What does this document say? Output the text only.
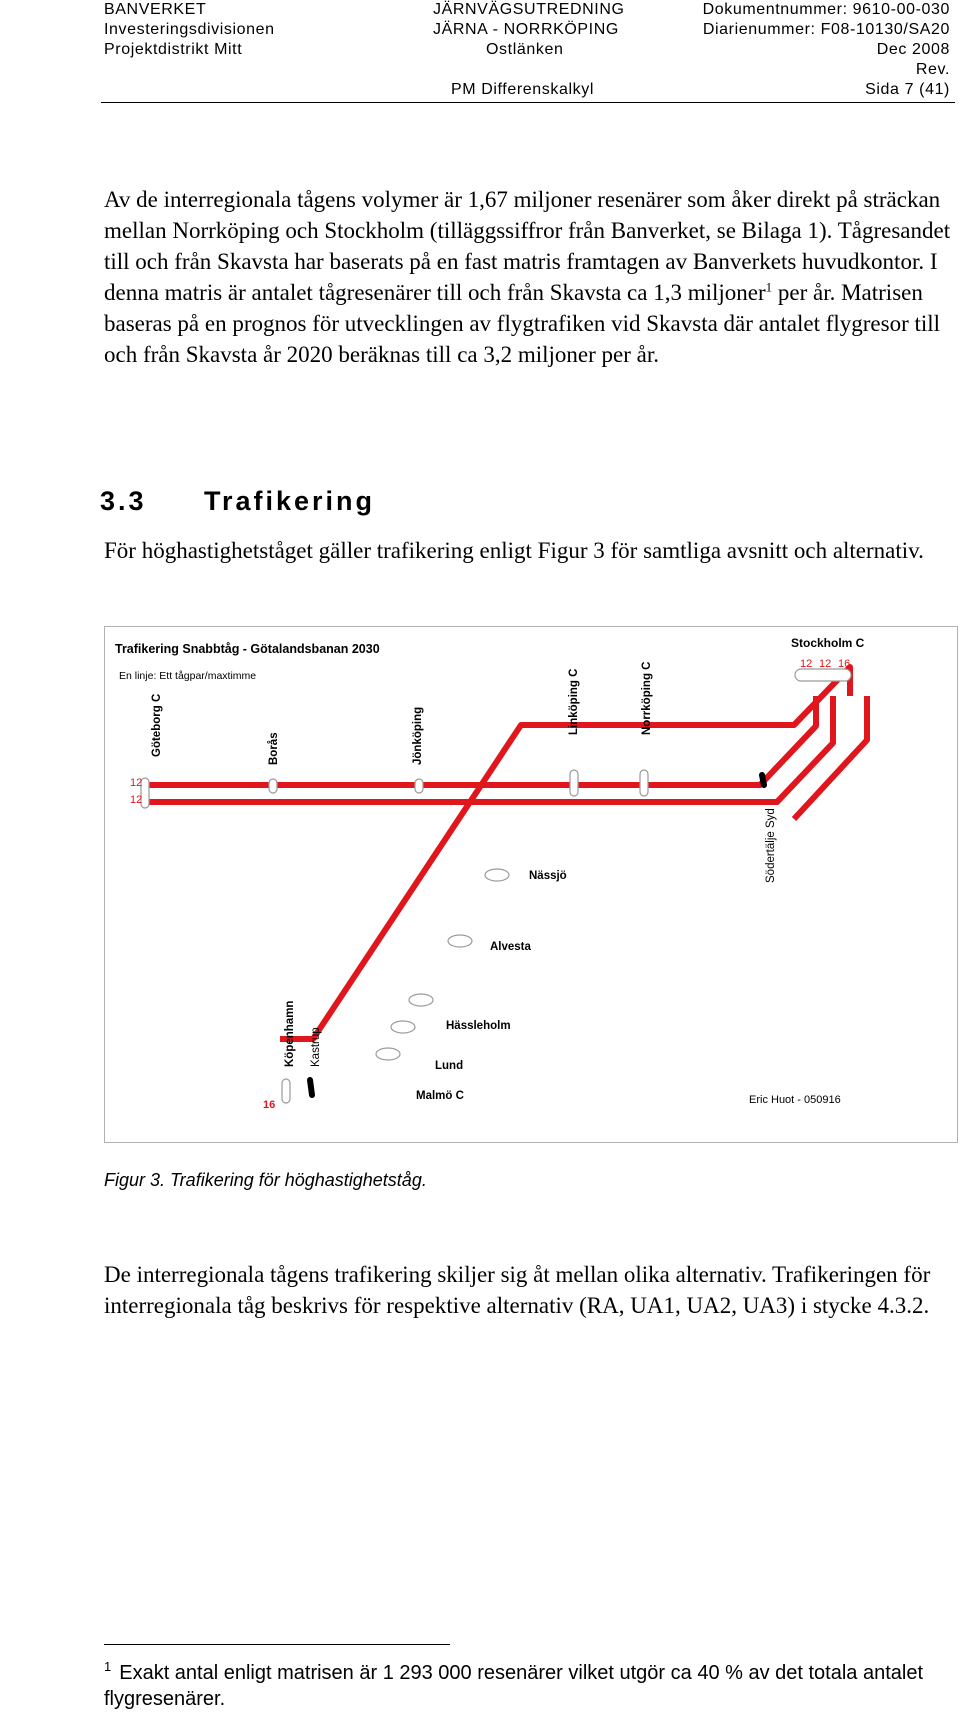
BANVERKET
Investeringsdivisionen
Projektdistrikt Mitt
JÄRNVÄGSUTREDNING
JÄRNA - NORRKÖPING
Ostlänken
Dokumentnummer: 9610-00-030
Diarienummer: F08-10130/SA20
Dec 2008
Rev.
PM Differenskalkyl	Sida 7 (41)
Av de interregionala tågens volymer är 1,67 miljoner resenärer som åker direkt på sträckan mellan Norrköping och Stockholm (tilläggssiffror från Banverket, se Bilaga 1). Tågresandet till och från Skavsta har baserats på en fast matris framtagen av Banverkets huvudkontor. I denna matris är antalet tågresenärer till och från Skavsta ca 1,3 miljoner$^1$ per år. Matrisen baseras på en prognos för utvecklingen av flygtrafiken vid Skavsta där antalet flygresor till och från Skavsta år 2020 beräknas till ca 3,2 miljoner per år.
3.3 Trafikering
För höghastighetståget gäller trafikering enligt Figur 3 för samtliga avsnitt och alternativ.
Trafikering Snabbtåg - Götalandsbanan 2030
En linje: Ett tågpar/maxtimme
Göteborg C	Borås	Jönköping
Linköping C	Norrköping C
Södertälje Syd
Köpenhamn Kastrup
Stockholm C
Nässjö
Alvesta
Hässleholm
Lund
Malmö C
12
12
12 12 16
16	Eric Huot - 050916
Figur 3. Trafikering för höghastighetståg.
De interregionala tågens trafikering skiljer sig åt mellan olika alternativ. Trafikeringen för interregionala tåg beskrivs för respektive alternativ (RA, UA1, UA2, UA3) i stycke 4.3.2.
$^1$ Exakt antal enligt matrisen är 1 293 000 resenärer vilket utgör ca 40 % av det totala antalet flygresenärer.
